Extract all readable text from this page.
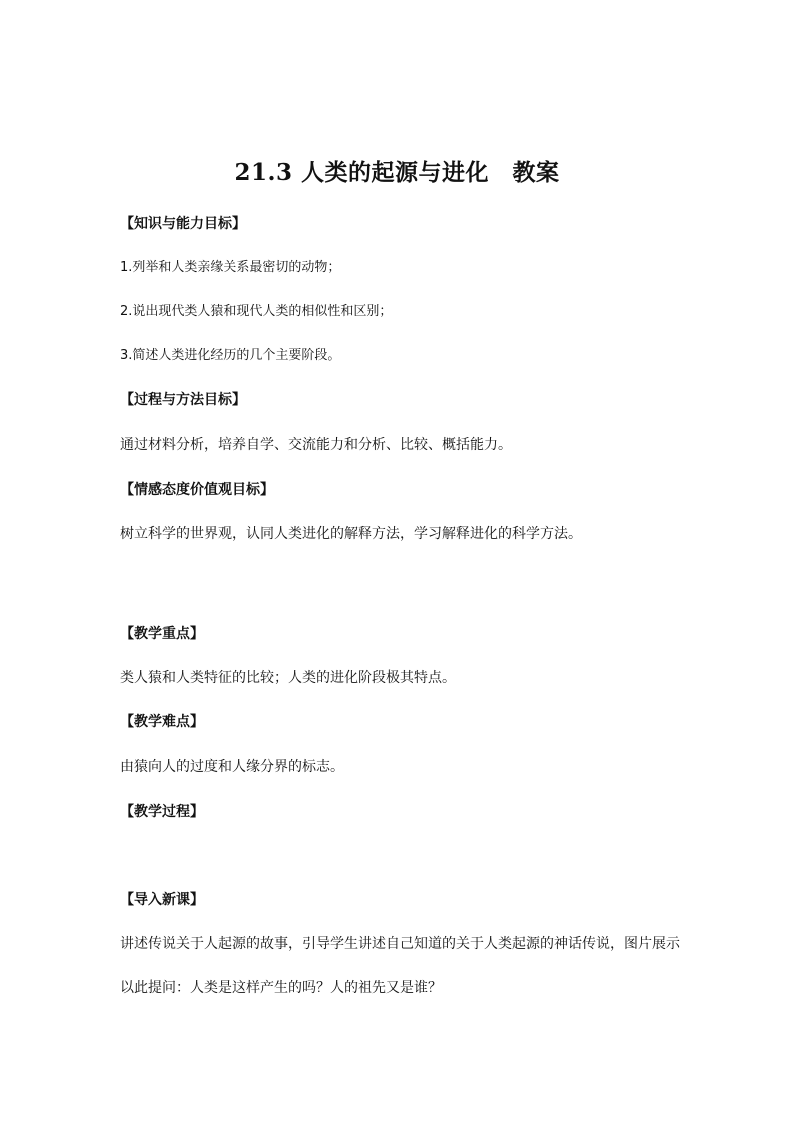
21.3 人类的起源与进化　教案
【知识与能力目标】
1.列举和人类亲缘关系最密切的动物；
2.说出现代类人猿和现代人类的相似性和区别；
3.简述人类进化经历的几个主要阶段。
【过程与方法目标】
通过材料分析，培养自学、交流能力和分析、比较、概括能力。
【情感态度价值观目标】
树立科学的世界观，认同人类进化的解释方法，学习解释进化的科学方法。
【教学重点】
类人猿和人类特征的比较；人类的进化阶段极其特点。
【教学难点】
由猿向人的过度和人缘分界的标志。
【教学过程】
【导入新课】
讲述传说关于人起源的故事，引导学生讲述自己知道的关于人类起源的神话传说，图片展示
以此提问：人类是这样产生的吗？人的祖先又是谁？
